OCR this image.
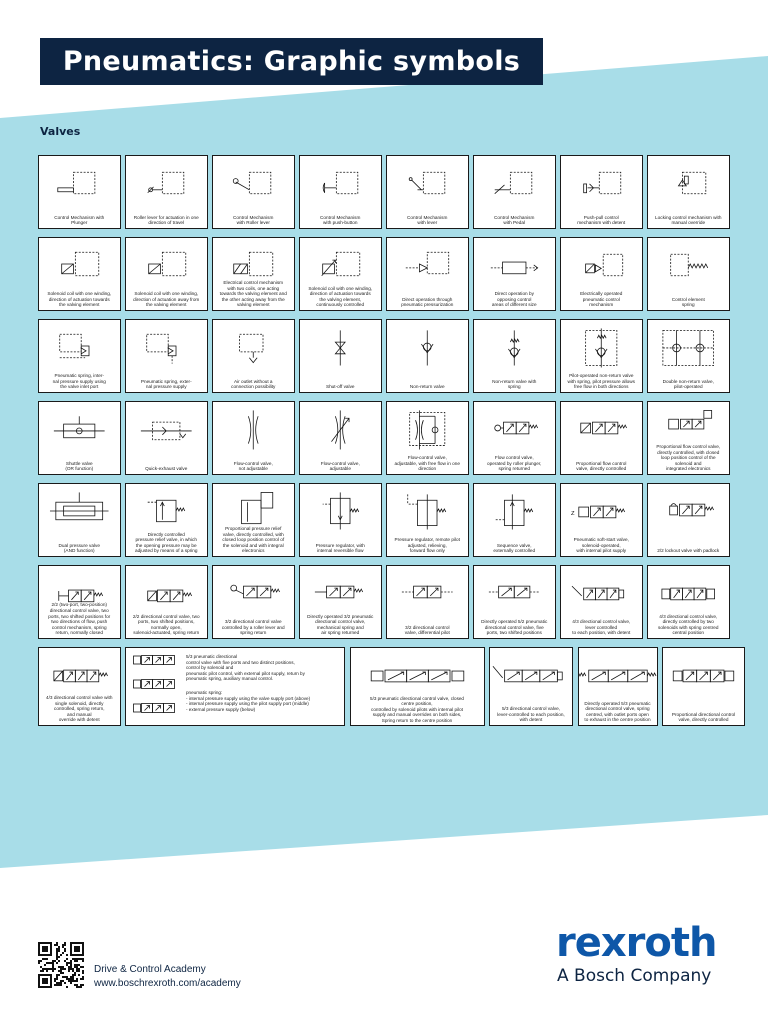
Pneumatics: Graphic symbols
Valves
Control Mechanism with
Plunger
Roller lever for actuation in one
direction of travel
Control Mechanism
with Roller lever
Control Mechanism
with push-button
Control Mechanism
with lever
Control Mechanism
with Pedal
Push-pull control
mechanism with detent
Locking control mechanism with
manual override
Solenoid coil with one winding,
direction of actuation towards
the valving element
Solenoid coil with one winding,
direction of actuation away from
the valving element
Electrical control mechanism
with two coils, one acting
towards the valving element and
the other acting away from the
valving element
Solenoid coil with one winding,
direction of actuation towards
the valving element,
continuously controlled
Direct operation through
pneumatic pressurization
Direct operation by
opposing control
areas of different size
Electrically operated
pneumatic control
mechanism
Control element
spring
Pneumatic spring, inter-
nal pressure supply using
the valve inlet port
Pneumatic spring, exter-
nal pressure supply
Air outlet without a
connection possibility	Shut-off valve	Non-return valve
Non-return valve with
spring
Pilot-operated non-return valve
with spring, pilot pressure allows
free flow in both directions
Double non-return valve,
pilot-operated
Shuttle valve
(OR function)	Quick-exhaust valve
Flow-control valve,
not adjustable
Flow-control valve,
adjustable
Flow-control valve,
adjustable, with free flow in one
direction
Flow control valve,
operated by roller plunger,
spring returned
Proportional flow control
valve, directly controlled
Proportional flow control valve,
directly controlled, with closed
loop position control of the
solenoid and
integrated electronics
Dual pressure valve
(AND function)
Directly controlled
pressure relief valve, in which
the opening pressure may be
adjusted by means of a spring
Proportional pressure relief
valve, directly controlled, with
closed loop position control of
the solenoid and with integral
electronics
Pressure regulator, with
internal reversible flow
Pressure regulator, remote pilot
adjusted, relieving,
forward flow only
Sequence valve,
externally controlled
Z
Pneumatic soft-start valve,
solenoid-operated,
with internal pilot supply	2/2 lockout valve with padlock
2/2 (two-port, two-position)
directional control valve, two
ports, two shifted positions for
two directions of flow, push
control mechanism, spring
return, normally closed
2/2 directional control valve, two
ports, two shifted positions,
normally open,
solenoid-actuated, spring return
3/2 directional control valve
controlled by a roller lever and
spring return
Directly operated 3/2 pneumatic
directional control valve,
mechanical spring and
air spring returned
3/2 directional control
valve, differential pilot
Directly operated 5/2 pneumatic
directional control valve, five
ports, two shifted positions
4/3 directional control valve,
lever controlled
to each position, with detent
4/3 directional control valve,
directly controlled by two
solenoids with spring centred
central position
4/3 directional control valve with
single solenoid, directly
controlled, spring return,
and manual
override with detent
5/3 pneumatic directional
control valve with five ports and two distinct positions,
control by solenoid and
pneumatic pilot control, with external pilot supply, return by
pneumatic spring, auxiliary manual control.
pneumatic spring:
- internal pressure supply using the valve supply port (above)
- internal pressure supply using the pilot supply port (middle)
- external pressure supply (below)
5/3 pneumatic directional control valve, closed
centre position,
controlled by solenoid pilots with internal pilot
supply and manual overrides on both sides,
Spring return to the centre position
5/3 directional control valve,
lever-controlled to each position,
with detent
Directly operated 5/3 pneumatic
directional control valve, spring
centred, with outlet ports open
to exhaust in the centre position
Proportional directional control
valve, directly controlled
Drive & Control Academy
www.boschrexroth.com/academy
rexroth
A Bosch Company
